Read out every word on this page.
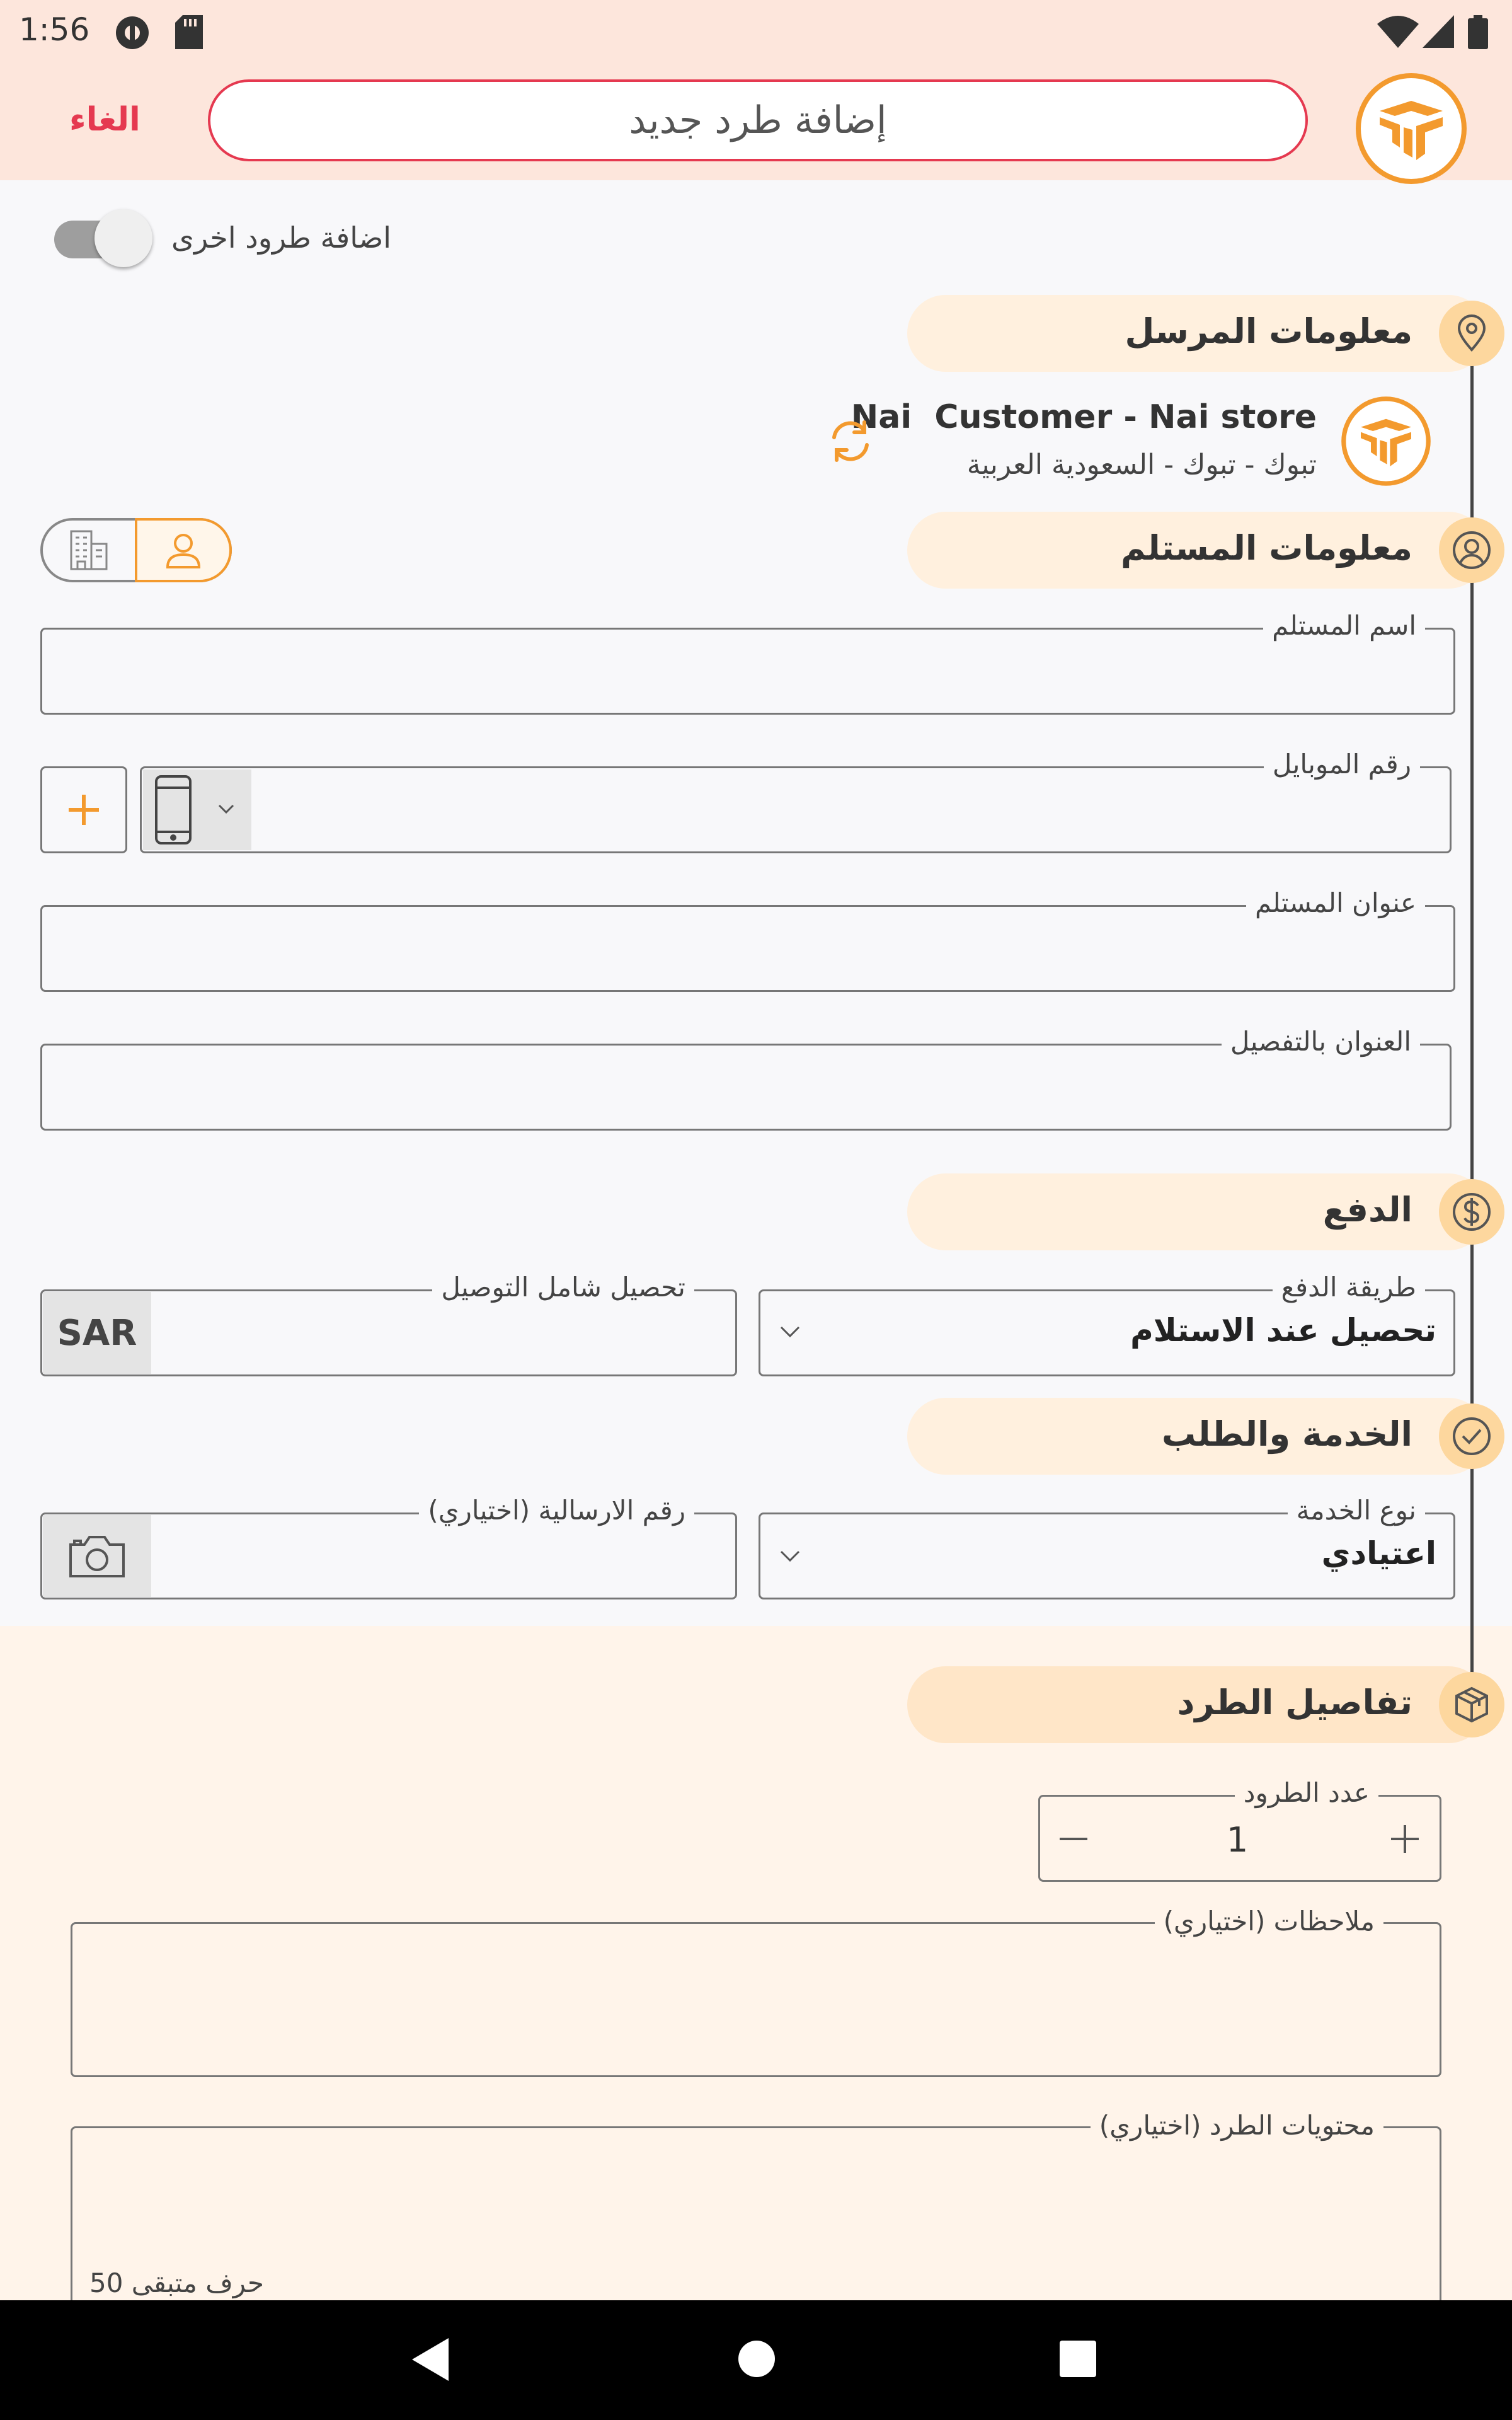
1:56
الغاء	إضافة طرد جديد
اضافة طرود اخرى
معلومات المرسل
Nai  Customer - Nai store
تبوك - تبوك - السعودية العربية
معلومات المستلم
اسم المستلم
رقم الموبايل
عنوان المستلم
العنوان بالتفصيل
الدفع
طريقة الدفع
تحصيل عند الاستلام
SAR
تحصيل شامل التوصيل
الخدمة والطلب
نوع الخدمة
اعتيادي
رقم الارسالية (اختياري)
تفاصيل الطرد
عدد الطرود
1
ملاحظات (اختياري)
محتويات الطرد (اختياري)
50 حرف متبقى
